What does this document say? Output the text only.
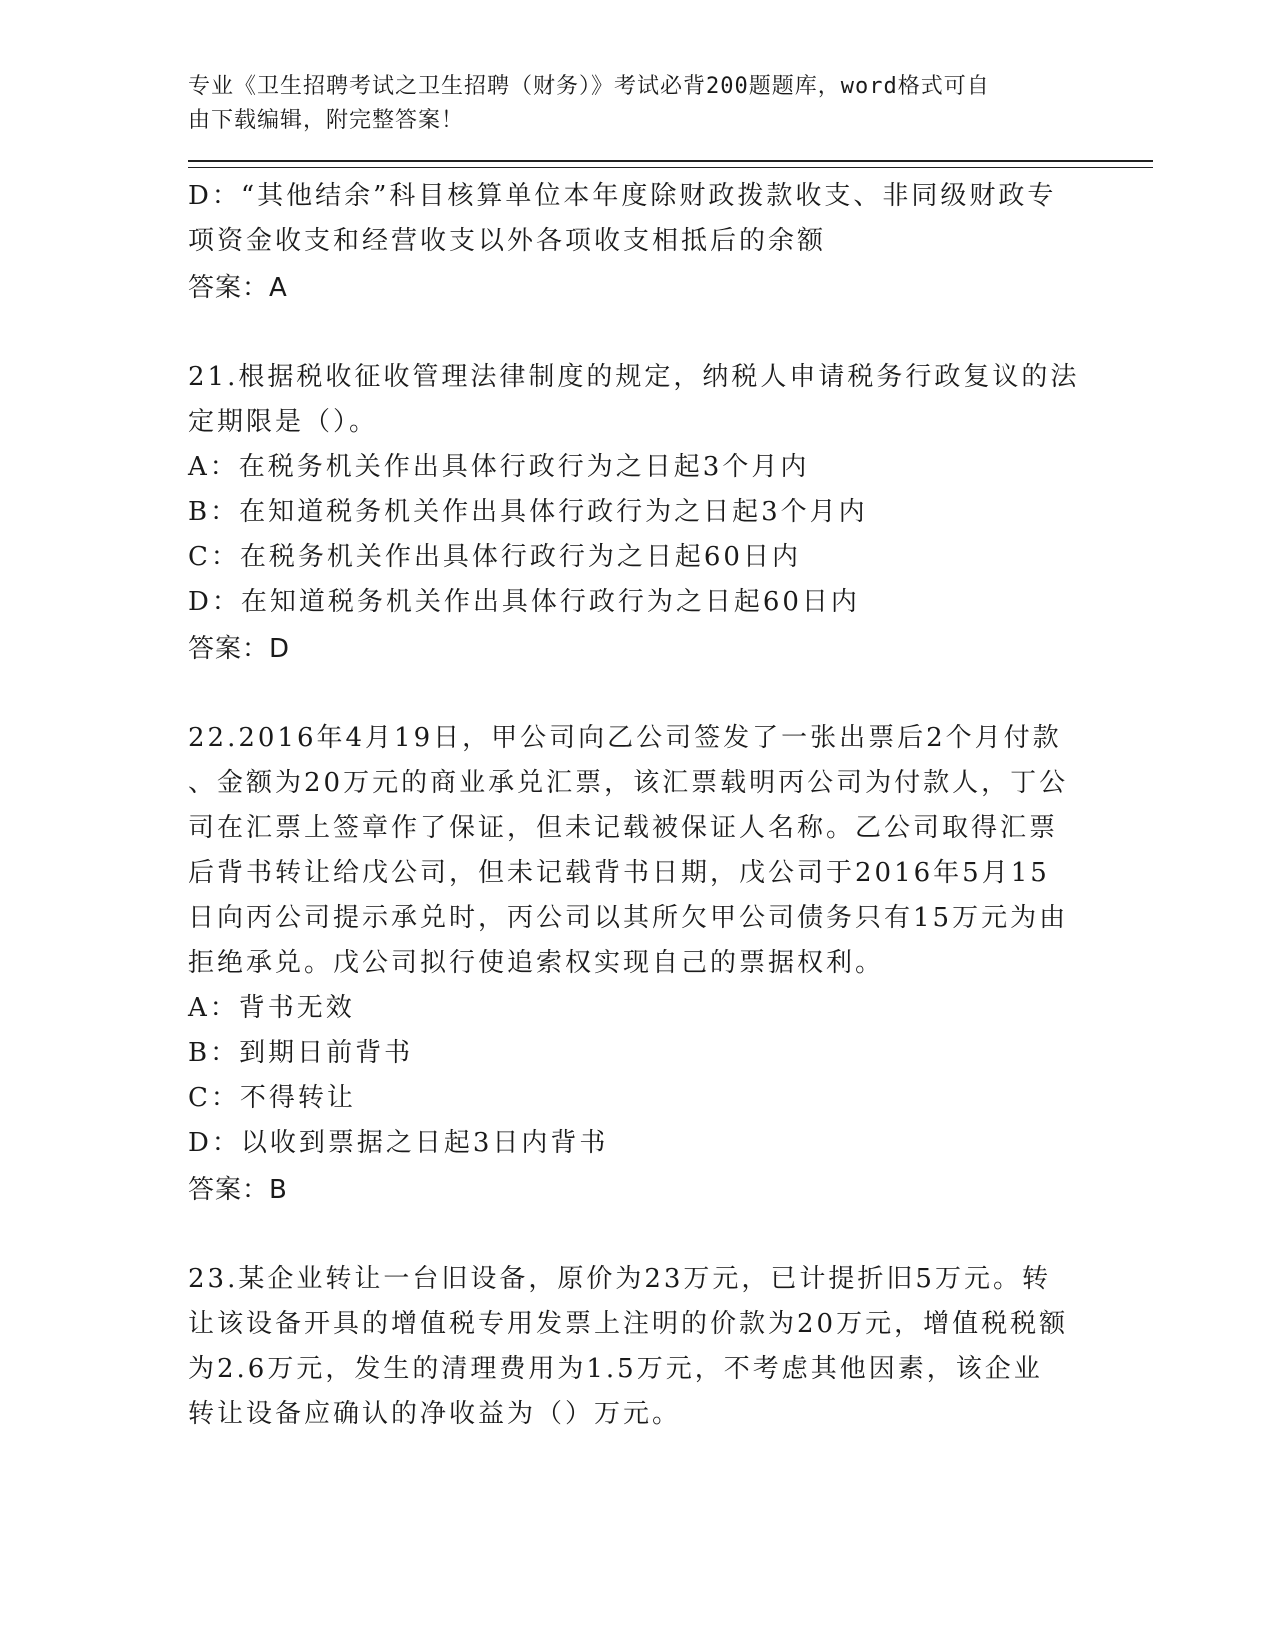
专业《卫生招聘考试之卫生招聘（财务）》考试必背200题题库，word格式可自
由下载编辑，附完整答案！
D：“其他结余”科目核算单位本年度除财政拨款收支、非同级财政专
项资金收支和经营收支以外各项收支相抵后的余额
答案：A
21.根据税收征收管理法律制度的规定，纳税人申请税务行政复议的法
定期限是（）。
A：在税务机关作出具体行政行为之日起3个月内
B：在知道税务机关作出具体行政行为之日起3个月内
C：在税务机关作出具体行政行为之日起60日内
D：在知道税务机关作出具体行政行为之日起60日内
答案：D
22.2016年4月19日，甲公司向乙公司签发了一张出票后2个月付款
、金额为20万元的商业承兑汇票，该汇票载明丙公司为付款人，丁公
司在汇票上签章作了保证，但未记载被保证人名称。乙公司取得汇票
后背书转让给戊公司，但未记载背书日期，戊公司于2016年5月15
日向丙公司提示承兑时，丙公司以其所欠甲公司债务只有15万元为由
拒绝承兑。戊公司拟行使追索权实现自己的票据权利。
A：背书无效
B：到期日前背书
C：不得转让
D：以收到票据之日起3日内背书
答案：B
23.某企业转让一台旧设备，原价为23万元，已计提折旧5万元。转
让该设备开具的增值税专用发票上注明的价款为20万元，增值税税额
为2.6万元，发生的清理费用为1.5万元，不考虑其他因素，该企业
转让设备应确认的净收益为（）万元。
